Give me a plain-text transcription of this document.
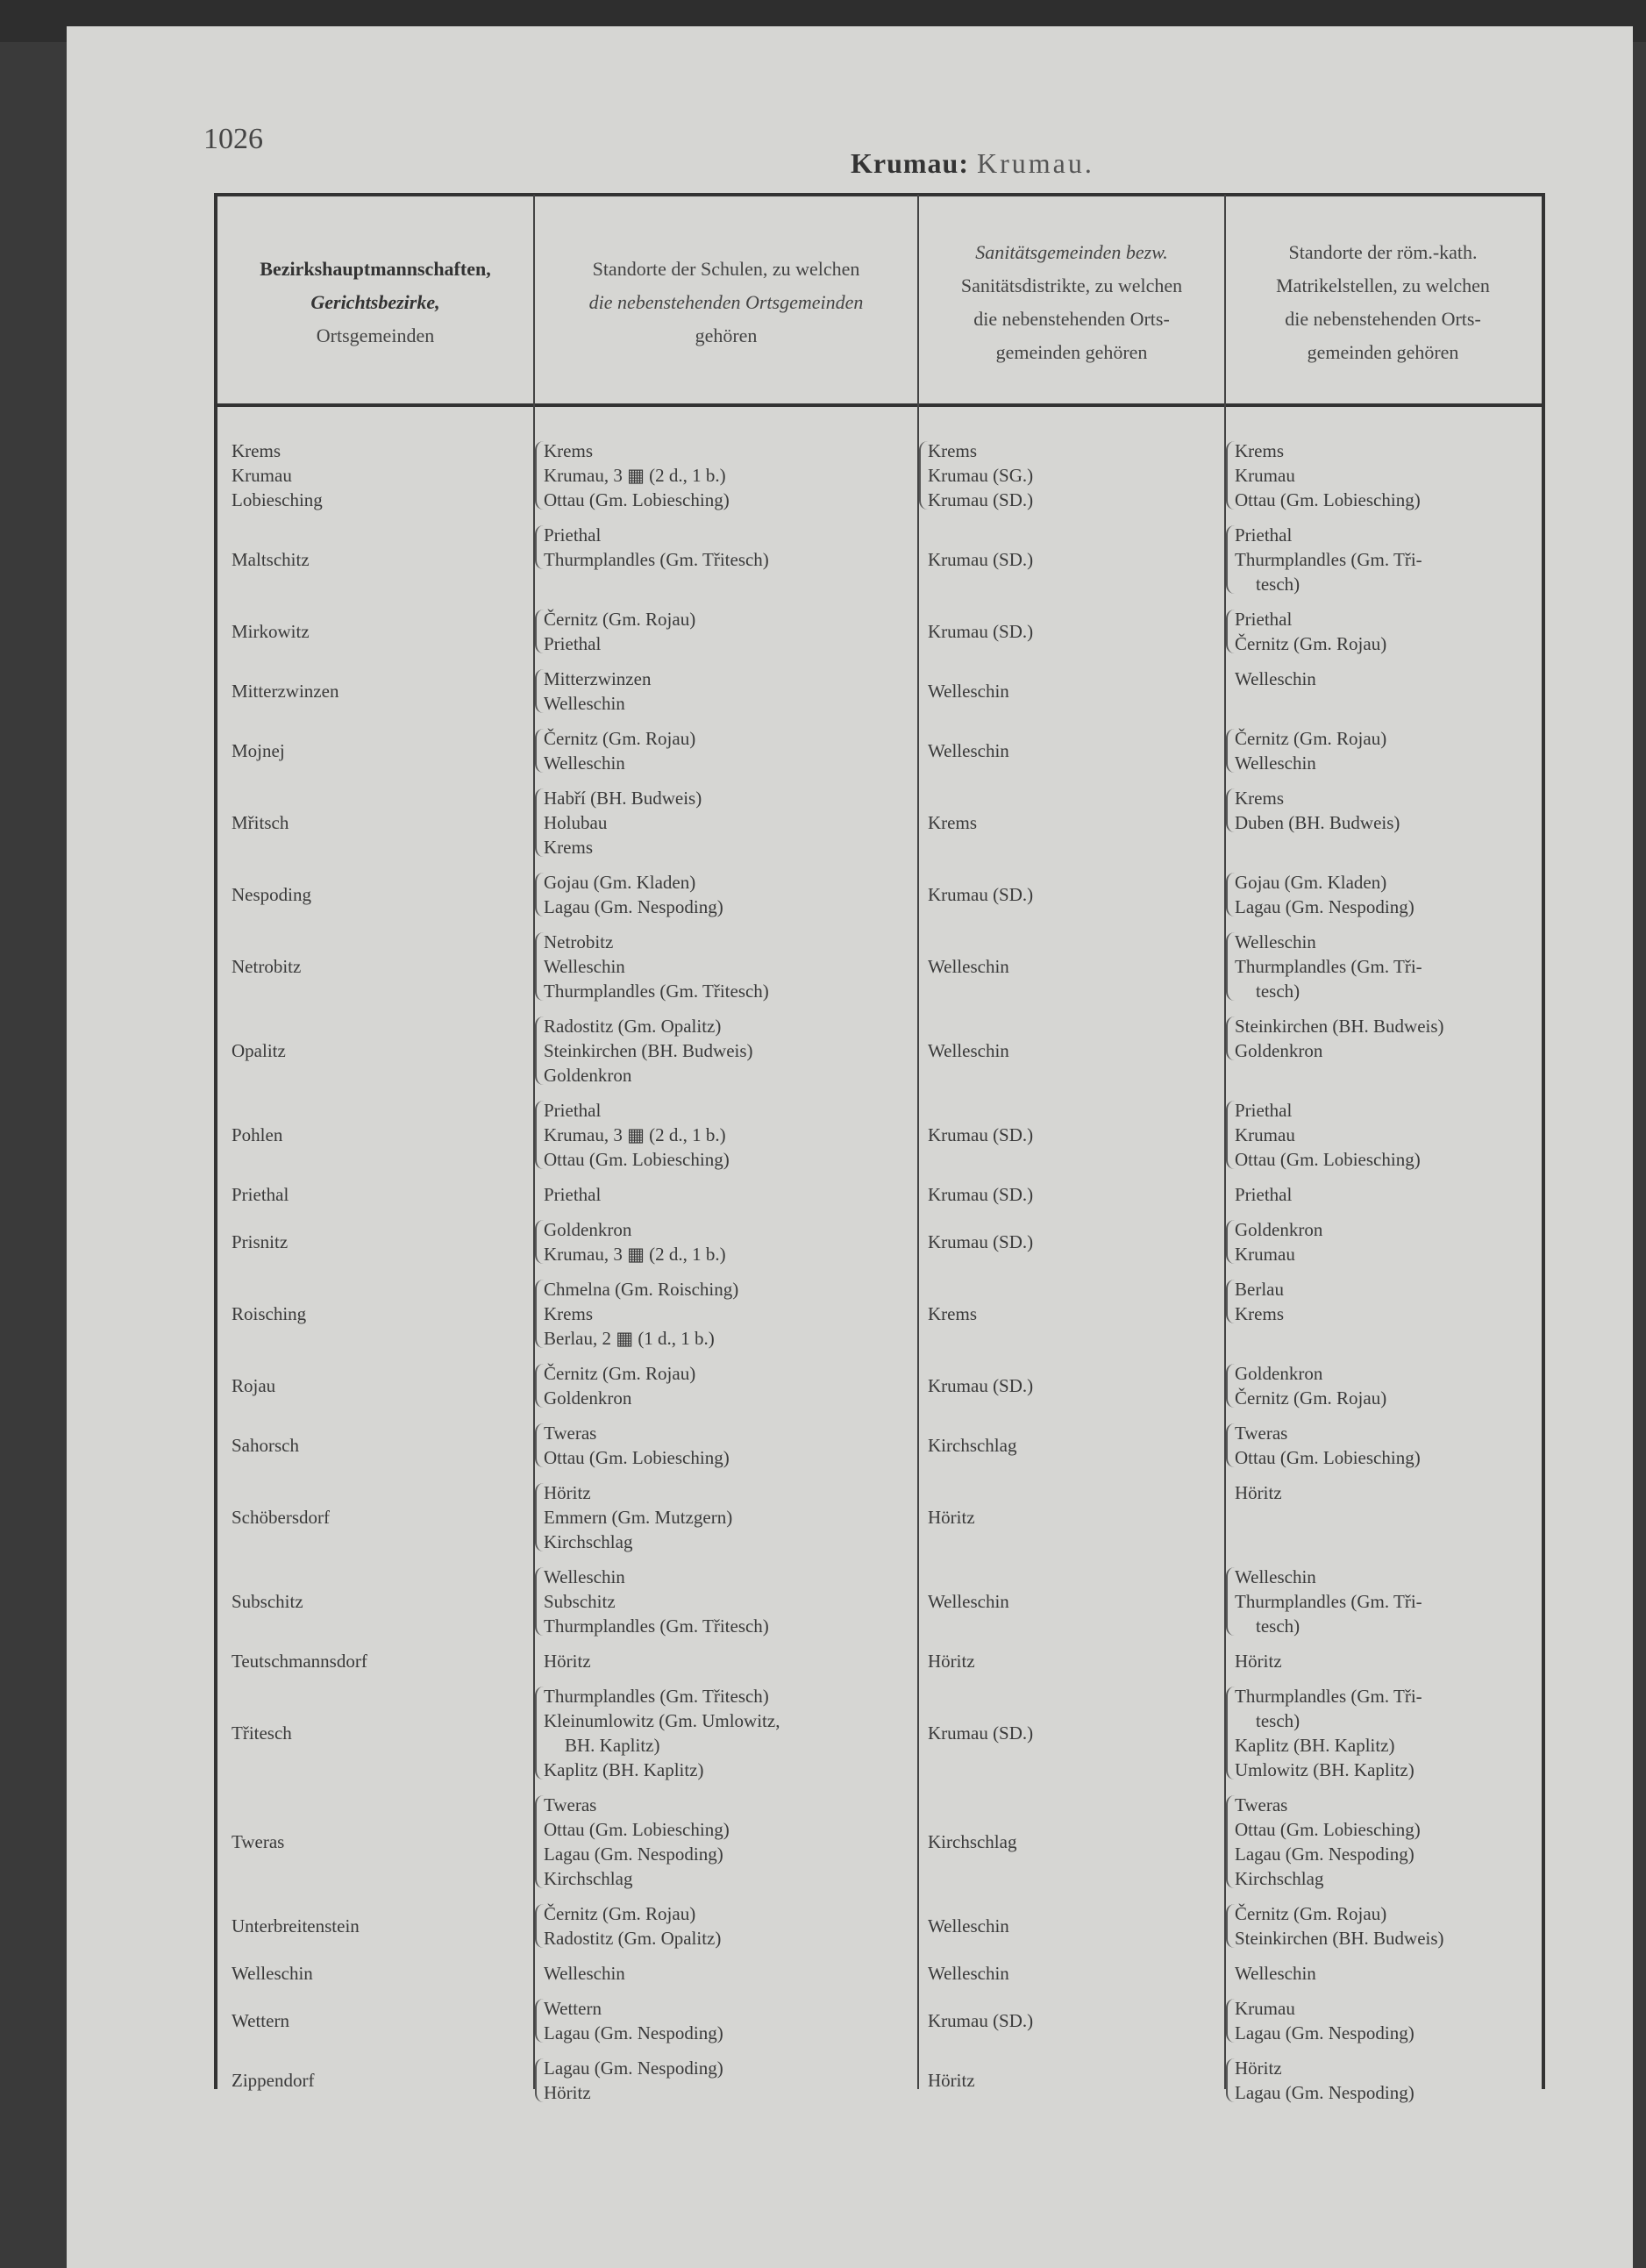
1026
Krumau: Krumau.
Bezirkshauptmannschaften,
Gerichtsbezirke,
Ortsgemeinden
Standorte der Schulen, zu welchen
die nebenstehenden Ortsgemeinden
gehören
Sanitätsgemeinden bezw.
Sanitätsdistrikte, zu welchen
die nebenstehenden Orts-
gemeinden gehören
Standorte der röm.-kath.
Matrikelstellen, zu welchen
die nebenstehenden Orts-
gemeinden gehören
Krems
Krumau
Lobiesching
Maltschitz
Mirkowitz
Mitterzwinzen
Mojnej
Mřitsch
Nespoding
Netrobitz
Opalitz
Pohlen
Priethal
Prisnitz
Roisching
Rojau
Sahorsch
Schöbersdorf
Subschitz
Teutschmannsdorf
Třitesch
Tweras
Unterbreitenstein
Welleschin
Wettern
Zippendorf
Krems
Krumau, 3 ▦ (2 d., 1 b.)
Ottau (Gm. Lobiesching)
Priethal
Thurmplandles (Gm. Třitesch)
Černitz (Gm. Rojau)
Priethal
Mitterzwinzen
Welleschin
Černitz (Gm. Rojau)
Welleschin
Habří (BH. Budweis)
Holubau
Krems
Gojau (Gm. Kladen)
Lagau (Gm. Nespoding)
Netrobitz
Welleschin
Thurmplandles (Gm. Třitesch)
Radostitz (Gm. Opalitz)
Steinkirchen (BH. Budweis)
Goldenkron
Priethal
Krumau, 3 ▦ (2 d., 1 b.)
Ottau (Gm. Lobiesching)
Priethal
Goldenkron
Krumau, 3 ▦ (2 d., 1 b.)
Chmelna (Gm. Roisching)
Krems
Berlau, 2 ▦ (1 d., 1 b.)
Černitz (Gm. Rojau)
Goldenkron
Tweras
Ottau (Gm. Lobiesching)
Höritz
Emmern (Gm. Mutzgern)
Kirchschlag
Welleschin
Subschitz
Thurmplandles (Gm. Třitesch)
Höritz
Thurmplandles (Gm. Třitesch)
Kleinumlowitz (Gm. Umlowitz,
BH. Kaplitz)
Kaplitz (BH. Kaplitz)
Tweras
Ottau (Gm. Lobiesching)
Lagau (Gm. Nespoding)
Kirchschlag
Černitz (Gm. Rojau)
Radostitz (Gm. Opalitz)
Welleschin
Wettern
Lagau (Gm. Nespoding)
Lagau (Gm. Nespoding)
Höritz
Krems
Krumau (SG.)
Krumau (SD.)
Krumau (SD.)
Krumau (SD.)
Welleschin
Welleschin
Krems
Krumau (SD.)
Welleschin
Welleschin
Krumau (SD.)
Krumau (SD.)
Krumau (SD.)
Krems
Krumau (SD.)
Kirchschlag
Höritz
Welleschin
Höritz
Krumau (SD.)
Kirchschlag
Welleschin
Welleschin
Krumau (SD.)
Höritz
Krems
Krumau
Ottau (Gm. Lobiesching)
Priethal
Thurmplandles (Gm. Tři-
tesch)
Priethal
Černitz (Gm. Rojau)
Welleschin
Černitz (Gm. Rojau)
Welleschin
Krems
Duben (BH. Budweis)
Gojau (Gm. Kladen)
Lagau (Gm. Nespoding)
Welleschin
Thurmplandles (Gm. Tři-
tesch)
Steinkirchen (BH. Budweis)
Goldenkron
Priethal
Krumau
Ottau (Gm. Lobiesching)
Priethal
Goldenkron
Krumau
Berlau
Krems
Goldenkron
Černitz (Gm. Rojau)
Tweras
Ottau (Gm. Lobiesching)
Höritz
Welleschin
Thurmplandles (Gm. Tři-
tesch)
Höritz
Thurmplandles (Gm. Tři-
tesch)
Kaplitz (BH. Kaplitz)
Umlowitz (BH. Kaplitz)
Tweras
Ottau (Gm. Lobiesching)
Lagau (Gm. Nespoding)
Kirchschlag
Černitz (Gm. Rojau)
Steinkirchen (BH. Budweis)
Welleschin
Krumau
Lagau (Gm. Nespoding)
Höritz
Lagau (Gm. Nespoding)
